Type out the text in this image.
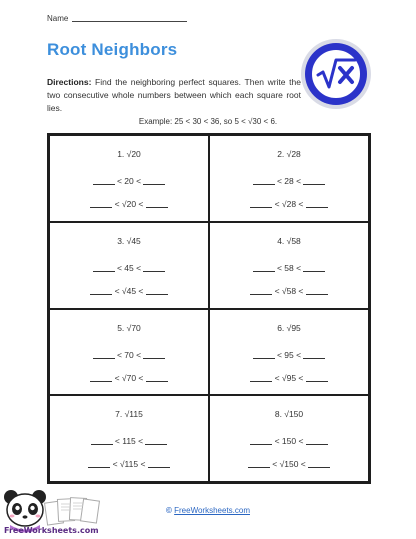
Name
Root Neighbors
Directions: Find the neighboring perfect squares. Then write the two consecutive whole numbers between which each square root lies.
Example: 25 < 30 < 36, so 5 < √30 < 6.
1. √20
< 20 <
< √20 <
2. √28
< 28 <
< √28 <
3. √45
< 45 <
< √45 <
4. √58
< 58 <
< √58 <
5. √70
< 70 <
< √70 <
6. √95
< 95 <
< √95 <
7. √115
< 115 <
< √115 <
8. √150
< 150 <
< √150 <
© FreeWorksheets.com
FreeWorksheets.com
